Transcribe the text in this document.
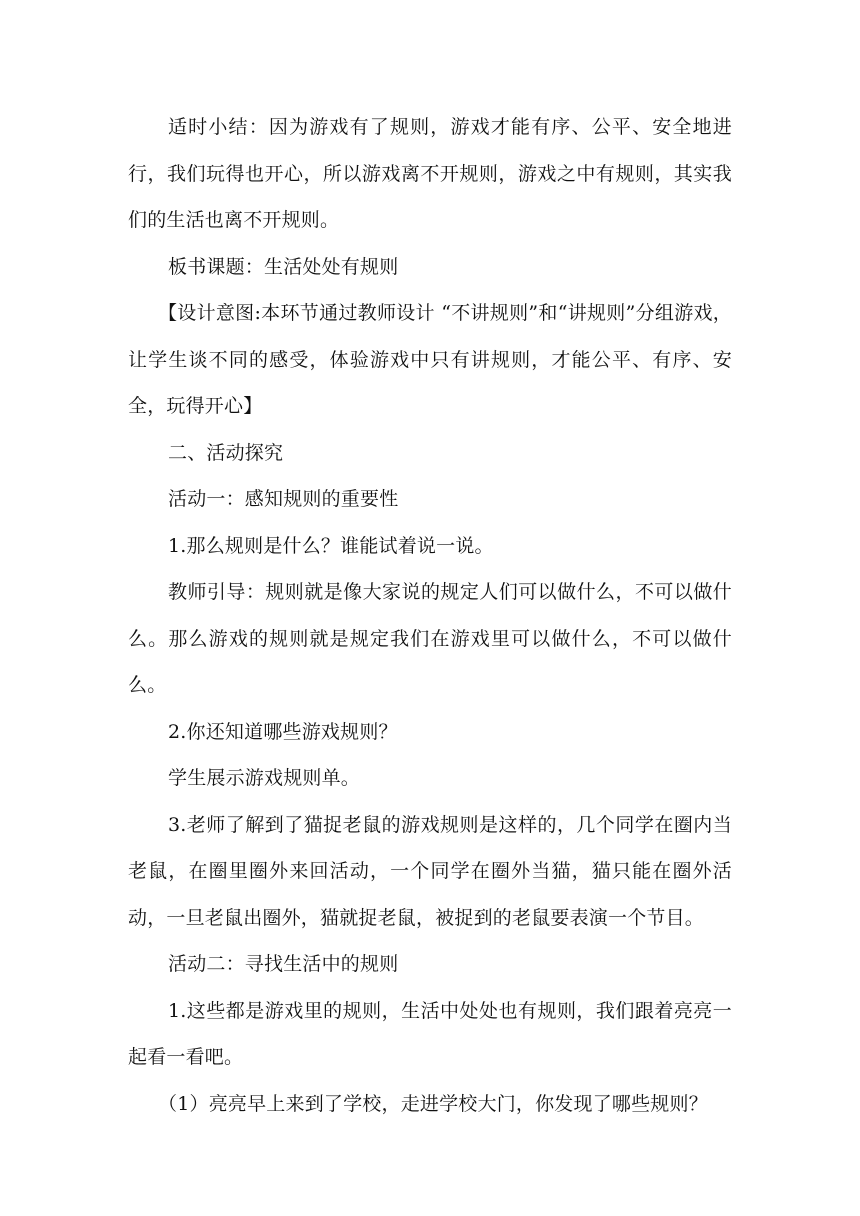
适时小结：因为游戏有了规则，游戏才能有序、公平、安全地进行，我们玩得也开心，所以游戏离不开规则，游戏之中有规则，其实我们的生活也离不开规则。

板书课题：生活处处有规则

【设计意图:本环节通过教师设计 “不讲规则”和“讲规则”分组游戏，让学生谈不同的感受，体验游戏中只有讲规则，才能公平、有序、安全，玩得开心】

二、活动探究

活动一：感知规则的重要性

1.那么规则是什么？谁能试着说一说。

教师引导：规则就是像大家说的规定人们可以做什么，不可以做什么。那么游戏的规则就是规定我们在游戏里可以做什么，不可以做什么。

2.你还知道哪些游戏规则？

学生展示游戏规则单。

3.老师了解到了猫捉老鼠的游戏规则是这样的，几个同学在圈内当老鼠，在圈里圈外来回活动，一个同学在圈外当猫，猫只能在圈外活动，一旦老鼠出圈外，猫就捉老鼠，被捉到的老鼠要表演一个节目。

活动二：寻找生活中的规则

1.这些都是游戏里的规则，生活中处处也有规则，我们跟着亮亮一起看一看吧。

（1）亮亮早上来到了学校，走进学校大门，你发现了哪些规则？
